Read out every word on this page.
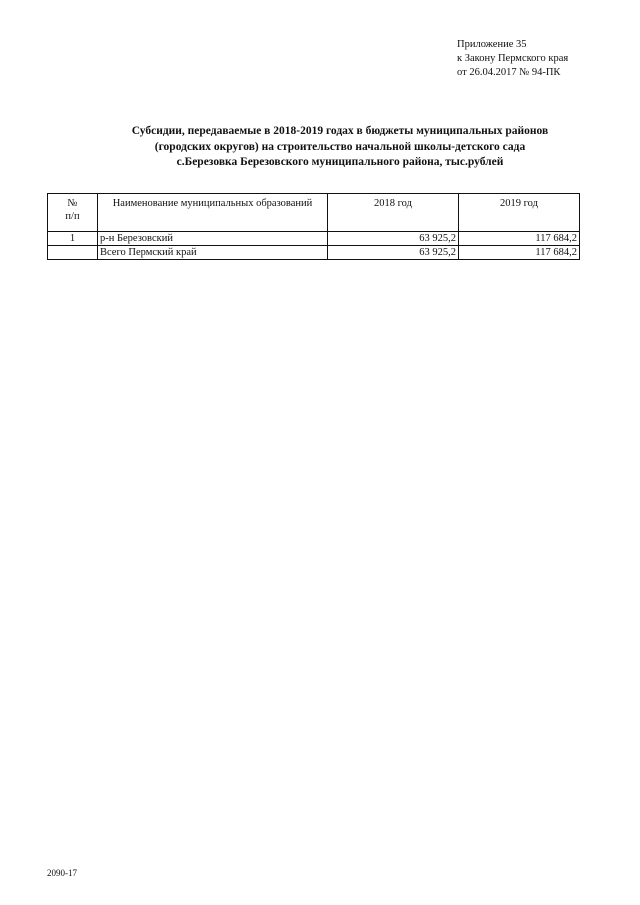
Приложение 35
к Закону Пермского края
от 26.04.2017 № 94-ПК
Субсидии, передаваемые в 2018-2019 годах в бюджеты муниципальных районов
(городских округов) на строительство начальной школы-детского сада
с.Березовка Березовского муниципального района, тыс.рублей
№
п/п	Наименование муниципальных образований	2018 год	2019 год
1	р-н Березовский	63 925,2	117 684,2
	Всего Пермский край	63 925,2	117 684,2
2090-17
